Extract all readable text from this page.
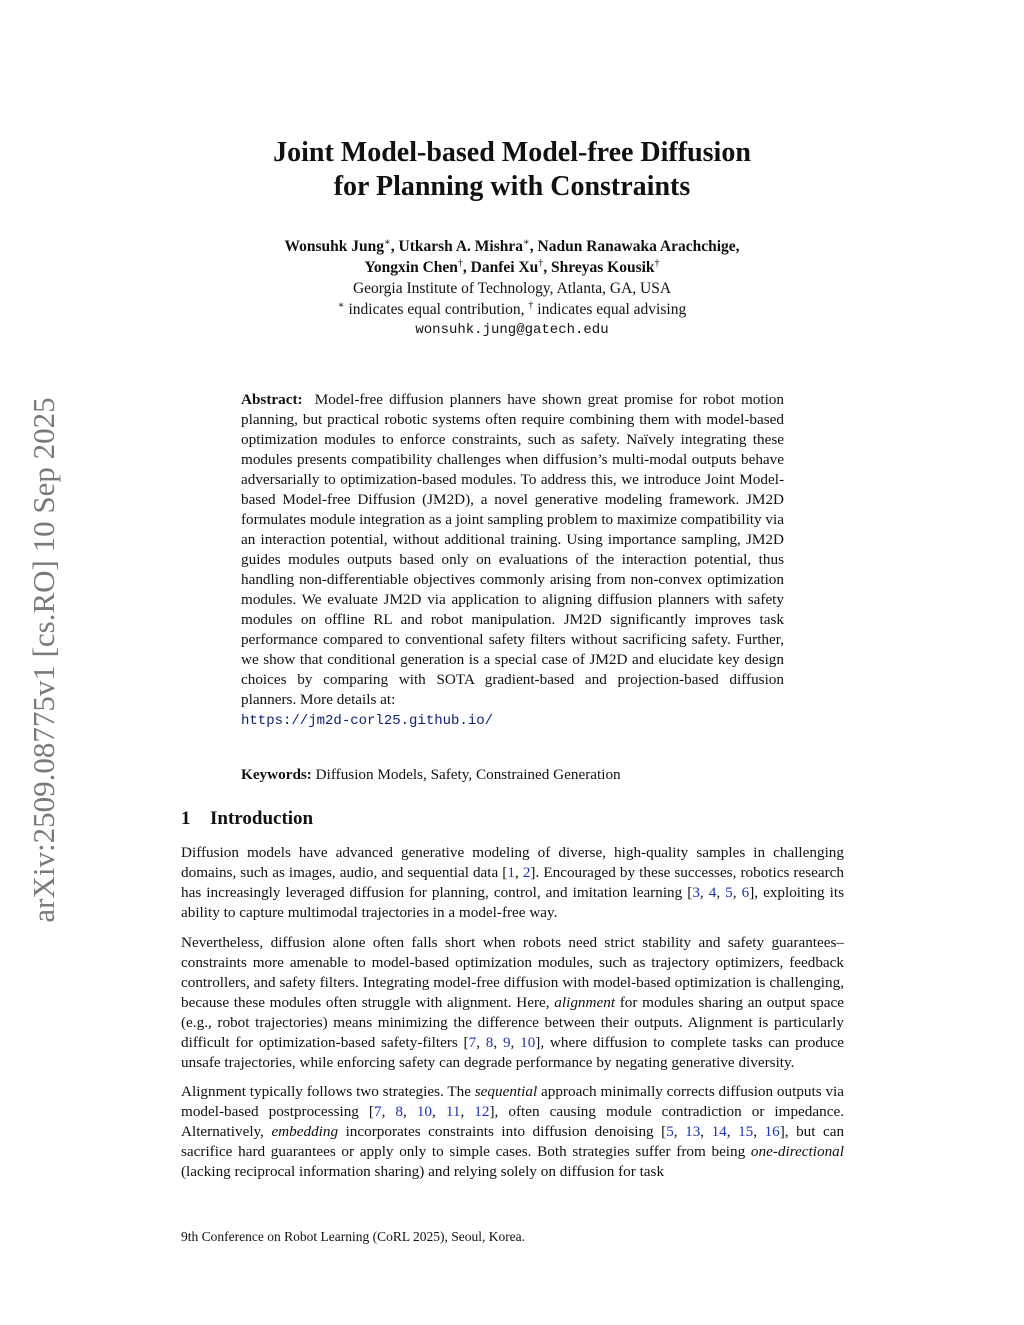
arXiv:2509.08775v1 [cs.RO] 10 Sep 2025
Joint Model-based Model-free Diffusion
for Planning with Constraints
Wonsuhk Jung∗, Utkarsh A. Mishra∗, Nadun Ranawaka Arachchige,
Yongxin Chen†, Danfei Xu†, Shreyas Kousik†
Georgia Institute of Technology, Atlanta, GA, USA
∗ indicates equal contribution, † indicates equal advising
wonsuhk.jung@gatech.edu
Abstract: Model-free diffusion planners have shown great promise for robot motion planning, but practical robotic systems often require combining them with model-based optimization modules to enforce constraints, such as safety. Naïvely integrating these modules presents compatibility challenges when diffusion’s multi-modal outputs behave adversarially to optimization-based modules. To address this, we introduce Joint Model-based Model-free Diffusion (JM2D), a novel generative modeling framework. JM2D formulates module integration as a joint sampling problem to maximize compatibility via an interaction potential, without additional training. Using importance sampling, JM2D guides modules outputs based only on evaluations of the interaction potential, thus handling non-differentiable objectives commonly arising from non-convex optimization modules. We evaluate JM2D via application to aligning diffusion planners with safety modules on offline RL and robot manipulation. JM2D significantly improves task performance compared to conventional safety filters without sacrificing safety. Further, we show that conditional generation is a special case of JM2D and elucidate key design choices by comparing with SOTA gradient-based and projection-based diffusion planners. More details at:
https://jm2d-corl25.github.io/
Keywords: Diffusion Models, Safety, Constrained Generation
1 Introduction

Diffusion models have advanced generative modeling of diverse, high-quality samples in challenging domains, such as images, audio, and sequential data [1, 2]. Encouraged by these successes, robotics research has increasingly leveraged diffusion for planning, control, and imitation learning [3, 4, 5, 6], exploiting its ability to capture multimodal trajectories in a model-free way.

Nevertheless, diffusion alone often falls short when robots need strict stability and safety guarantees–constraints more amenable to model-based optimization modules, such as trajectory optimizers, feedback controllers, and safety filters. Integrating model-free diffusion with model-based optimization is challenging, because these modules often struggle with alignment. Here, alignment for modules sharing an output space (e.g., robot trajectories) means minimizing the difference between their outputs. Alignment is particularly difficult for optimization-based safety-filters [7, 8, 9, 10], where diffusion to complete tasks can produce unsafe trajectories, while enforcing safety can degrade performance by negating generative diversity.

Alignment typically follows two strategies. The sequential approach minimally corrects diffusion outputs via model-based postprocessing [7, 8, 10, 11, 12], often causing module contradiction or impedance. Alternatively, embedding incorporates constraints into diffusion denoising [5, 13, 14, 15, 16], but can sacrifice hard guarantees or apply only to simple cases. Both strategies suffer from being one-directional (lacking reciprocal information sharing) and relying solely on diffusion for task

9th Conference on Robot Learning (CoRL 2025), Seoul, Korea.
